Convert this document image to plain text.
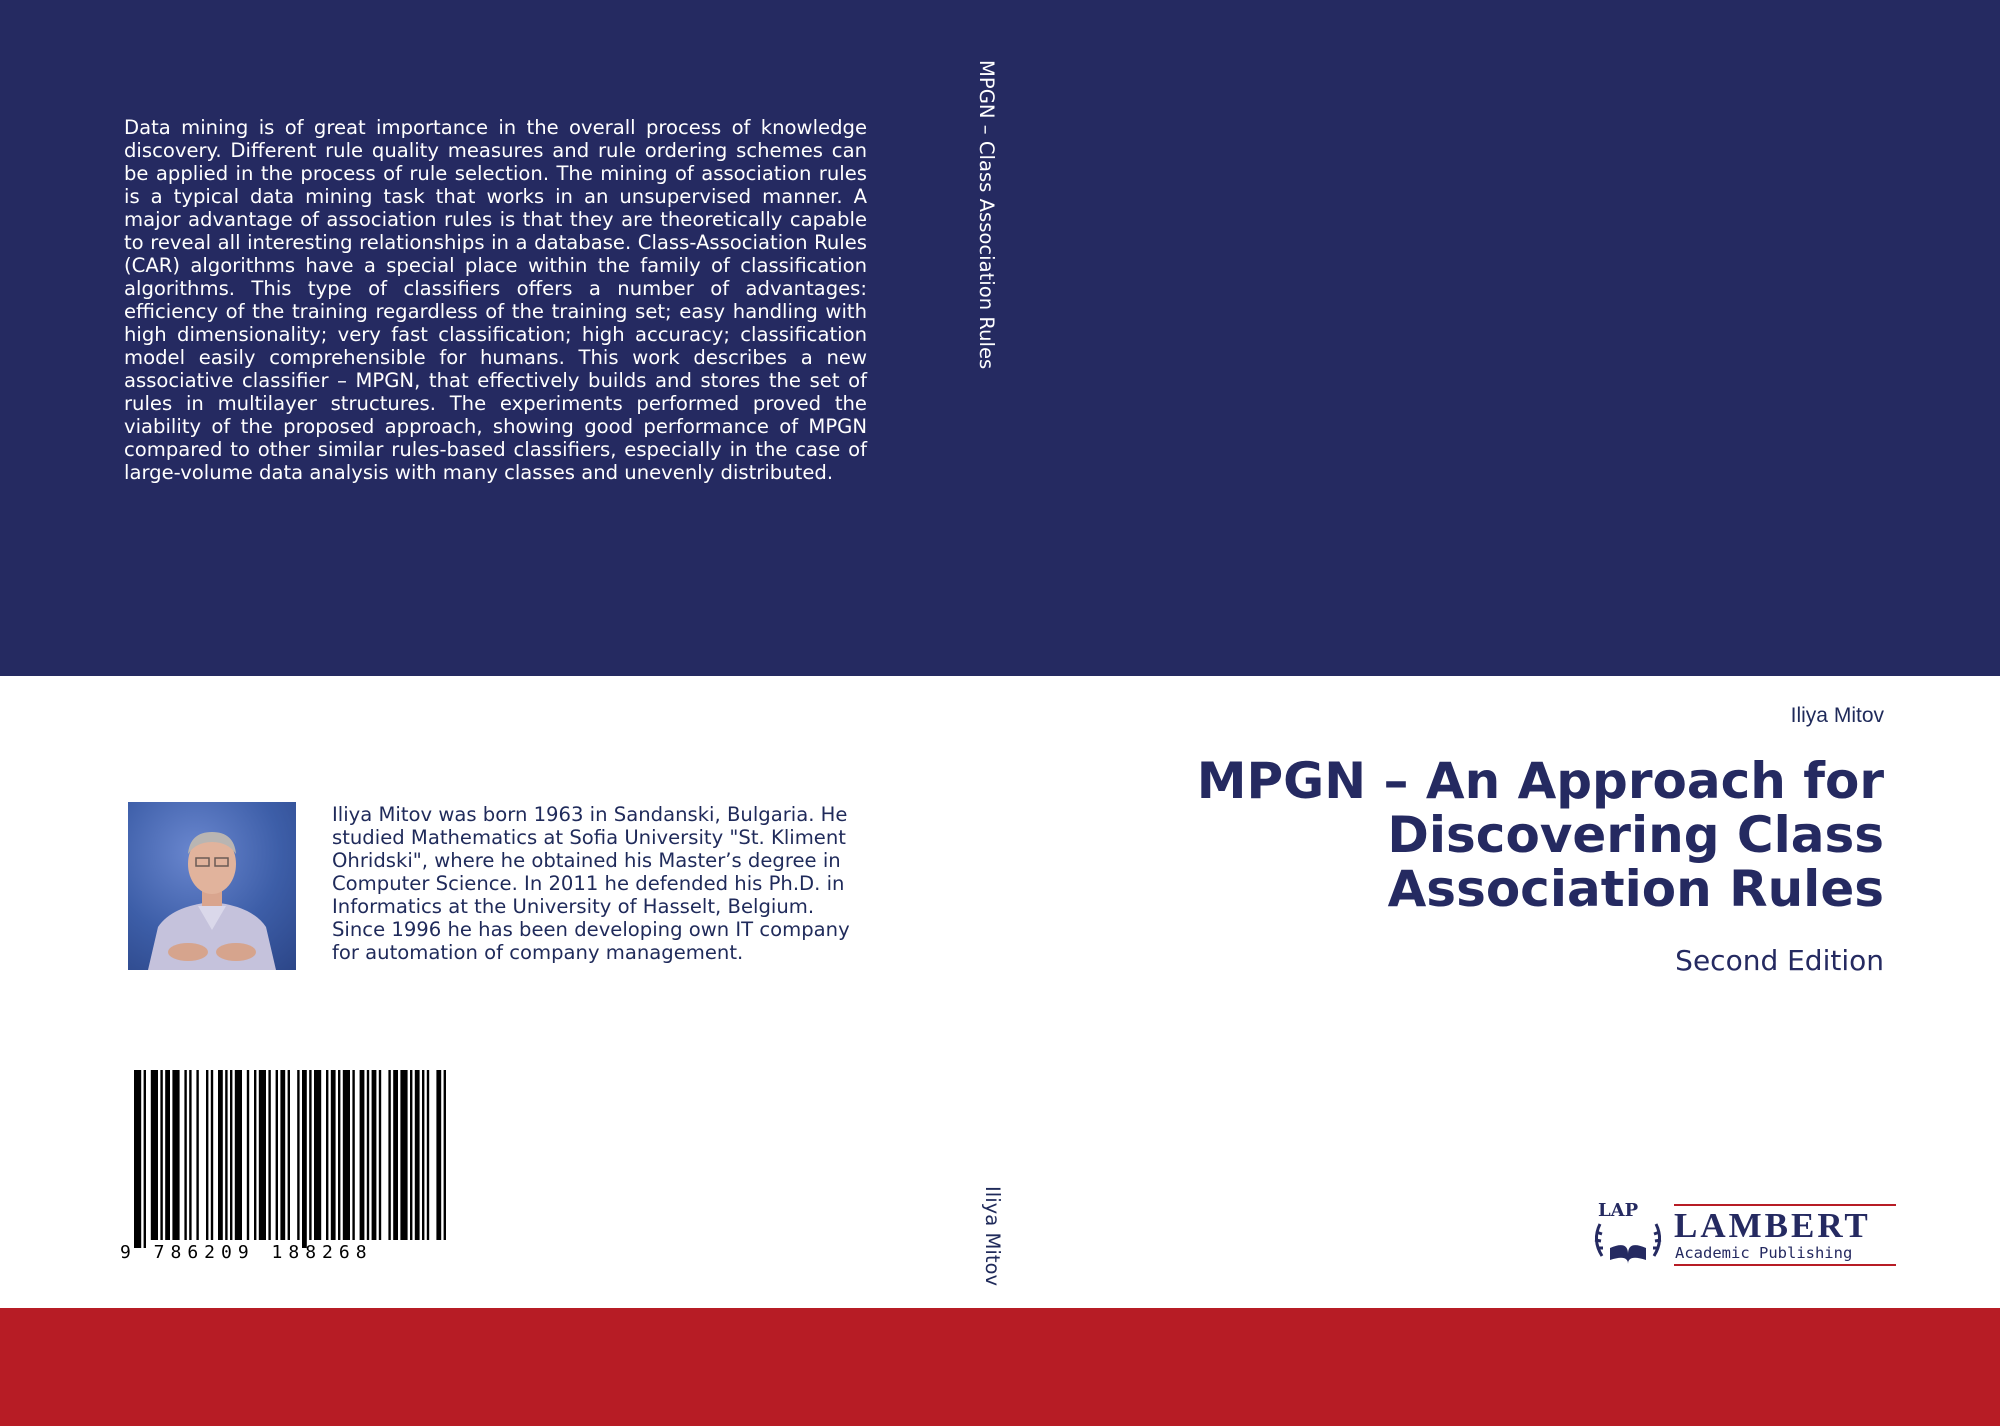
Data mining is of great importance in the overall process of knowledge discovery. Different rule quality measures and rule ordering schemes can be applied in the process of rule selection. The mining of association rules is a typical data mining task that works in an unsupervised manner. A major advantage of association rules is that they are theoretically capable to reveal all interesting relationships in a database. Class-Association Rules (CAR) algorithms have a special place within the family of classification algorithms. This type of classifiers offers a number of advantages: efficiency of the training regardless of the training set; easy handling with high dimensionality; very fast classification; high accuracy; classification model easily comprehensible for humans. This work describes a new associative classifier – MPGN, that effectively builds and stores the set of rules in multilayer structures. The experiments performed proved the viability of the proposed approach, showing good performance of MPGN compared to other similar rules-based classifiers, especially in the case of large-volume data analysis with many classes and unevenly distributed.

MPGN – Class Association Rules
Iliya Mitov

Iliya Mitov was born 1963 in Sandanski, Bulgaria. He studied Mathematics at Sofia University "St. Kliment Ohridski", where he obtained his Master’s degree in Computer Science. In 2011 he defended his Ph.D. in Informatics at the University of Hasselt, Belgium. Since 1996 he has been developing own IT company for automation of company management.

9 786209 188268
Iliya Mitov
MPGN – An Approach for Discovering Class Association Rules
Second Edition
LAP LAMBERT
Academic Publishing
